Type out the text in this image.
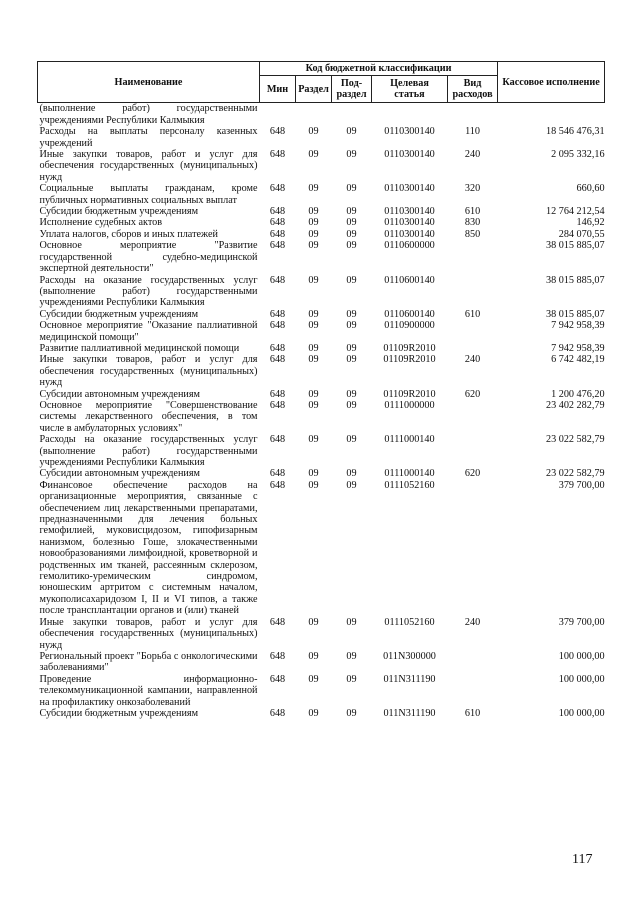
Наименование	Код бюджетной классификации					Кассовое исполнение
	Мин	Раздел	Под-раздел	Целевая статья	Вид расходов	
(выполнение работ) государственными учреждениями Республики Калмыкия						
Расходы на выплаты персоналу казенных учреждений	648	09	09	0110300140	110	18 546 476,31
Иные закупки товаров, работ и услуг для обеспечения государственных (муниципальных) нужд	648	09	09	0110300140	240	2 095 332,16
Социальные выплаты гражданам, кроме публичных нормативных социальных выплат	648	09	09	0110300140	320	660,60
Субсидии бюджетным учреждениям	648	09	09	0110300140	610	12 764 212,54
Исполнение судебных актов	648	09	09	0110300140	830	146,92
Уплата налогов, сборов и иных платежей	648	09	09	0110300140	850	284 070,55
Основное мероприятие "Развитие государственной судебно-медицинской экспертной деятельности"	648	09	09	0110600000		38 015 885,07
Расходы на оказание государственных услуг (выполнение работ) государственными учреждениями Республики Калмыкия	648	09	09	0110600140		38 015 885,07
Субсидии бюджетным учреждениям	648	09	09	0110600140	610	38 015 885,07
Основное мероприятие "Оказание паллиативной медицинской помощи"	648	09	09	0110900000		7 942 958,39
Развитие паллиативной медицинской помощи	648	09	09	01109R2010		7 942 958,39
Иные закупки товаров, работ и услуг для обеспечения государственных (муниципальных) нужд	648	09	09	01109R2010	240	6 742 482,19
Субсидии автономным учреждениям	648	09	09	01109R2010	620	1 200 476,20
Основное мероприятие "Совершенствование системы лекарственного обеспечения, в том числе в амбулаторных условиях"	648	09	09	0111000000		23 402 282,79
Расходы на оказание государственных услуг (выполнение работ) государственными учреждениями Республики Калмыкия	648	09	09	0111000140		23 022 582,79
Субсидии автономным учреждениям	648	09	09	0111000140	620	23 022 582,79
Финансовое обеспечение расходов на организационные мероприятия, связанные с обеспечением лиц лекарственными препаратами, предназначенными для лечения больных гемофилией, муковисцидозом, гипофизарным нанизмом, болезнью Гоше, злокачественными новообразованиями лимфоидной, кроветворной и родственных им тканей, рассеянным склерозом, гемолитико-уремическим синдромом, юношеским артритом с системным началом, мукополисахаридозом I, II и VI типов, а также после трансплантации органов и (или) тканей	648	09	09	0111052160		379 700,00
Иные закупки товаров, работ и услуг для обеспечения государственных (муниципальных) нужд	648	09	09	0111052160	240	379 700,00
Региональный проект "Борьба с онкологическими заболеваниями"	648	09	09	011N300000		100 000,00
Проведение информационно-телекоммуникационной кампании, направленной на профилактику онкозаболеваний	648	09	09	011N311190		100 000,00
Субсидии бюджетным учреждениям	648	09	09	011N311190	610	100 000,00
117
